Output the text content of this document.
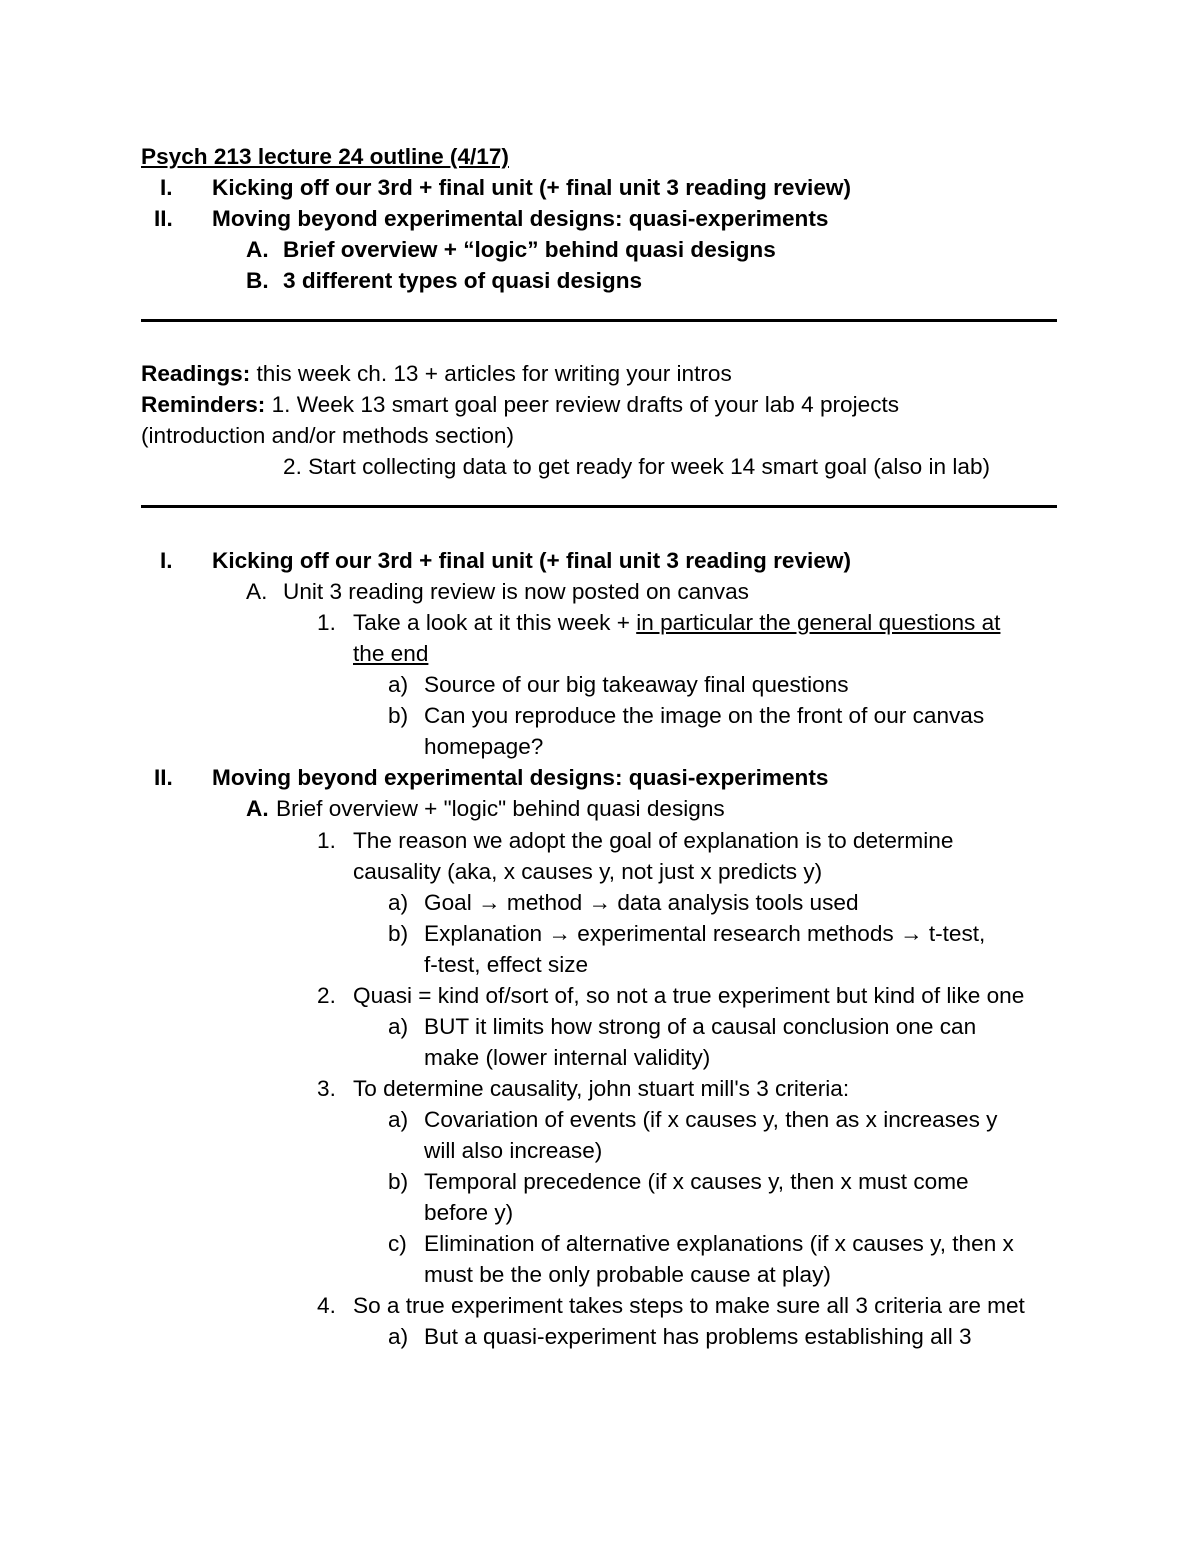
Psych 213 lecture 24 outline (4/17)
I. Kicking off our 3rd + final unit (+ final unit 3 reading review)
II. Moving beyond experimental designs: quasi-experiments
A. Brief overview + “logic” behind quasi designs
B. 3 different types of quasi designs
Readings: this week ch. 13 + articles for writing your intros
Reminders: 1. Week 13 smart goal peer review drafts of your lab 4 projects
(introduction and/or methods section)
2. Start collecting data to get ready for week 14 smart goal (also in lab)
I. Kicking off our 3rd + final unit (+ final unit 3 reading review)
A. Unit 3 reading review is now posted on canvas
1. Take a look at it this week + in particular the general questions at
the end
a) Source of our big takeaway final questions
b) Can you reproduce the image on the front of our canvas
homepage?
II. Moving beyond experimental designs: quasi-experiments
A. Brief overview + "logic" behind quasi designs
1. The reason we adopt the goal of explanation is to determine
causality (aka, x causes y, not just x predicts y)
a) Goal → method → data analysis tools used
b) Explanation → experimental research methods → t-test,
f-test, effect size
2. Quasi = kind of/sort of, so not a true experiment but kind of like one
a) BUT it limits how strong of a causal conclusion one can
make (lower internal validity)
3. To determine causality, john stuart mill's 3 criteria:
a) Covariation of events (if x causes y, then as x increases y
will also increase)
b) Temporal precedence (if x causes y, then x must come
before y)
c) Elimination of alternative explanations (if x causes y, then x
must be the only probable cause at play)
4. So a true experiment takes steps to make sure all 3 criteria are met
a) But a quasi-experiment has problems establishing all 3
